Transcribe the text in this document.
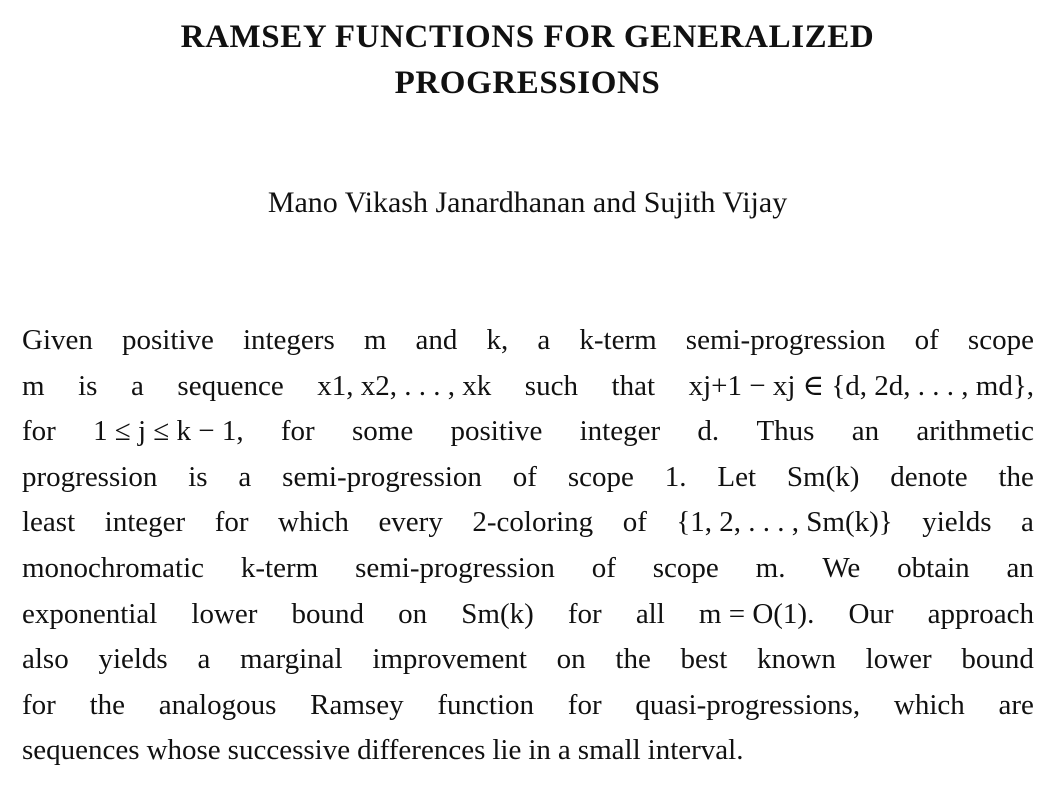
RAMSEY FUNCTIONS FOR GENERALIZED
PROGRESSIONS
Mano Vikash Janardhanan and Sujith Vijay
Given positive integers m and k, a k-term semi-progression of scope
m is a sequence x1, x2, . . . , xk such that xj+1 − xj ∈ {d, 2d, . . . , md},
for 1 ≤ j ≤ k − 1, for some positive integer d. Thus an arithmetic
progression is a semi-progression of scope 1. Let Sm(k) denote the
least integer for which every 2-coloring of {1, 2, . . . , Sm(k)} yields a
monochromatic k-term semi-progression of scope m. We obtain an
exponential lower bound on Sm(k) for all m = O(1). Our approach
also yields a marginal improvement on the best known lower bound
for the analogous Ramsey function for quasi-progressions, which are
sequences whose successive differences lie in a small interval.
